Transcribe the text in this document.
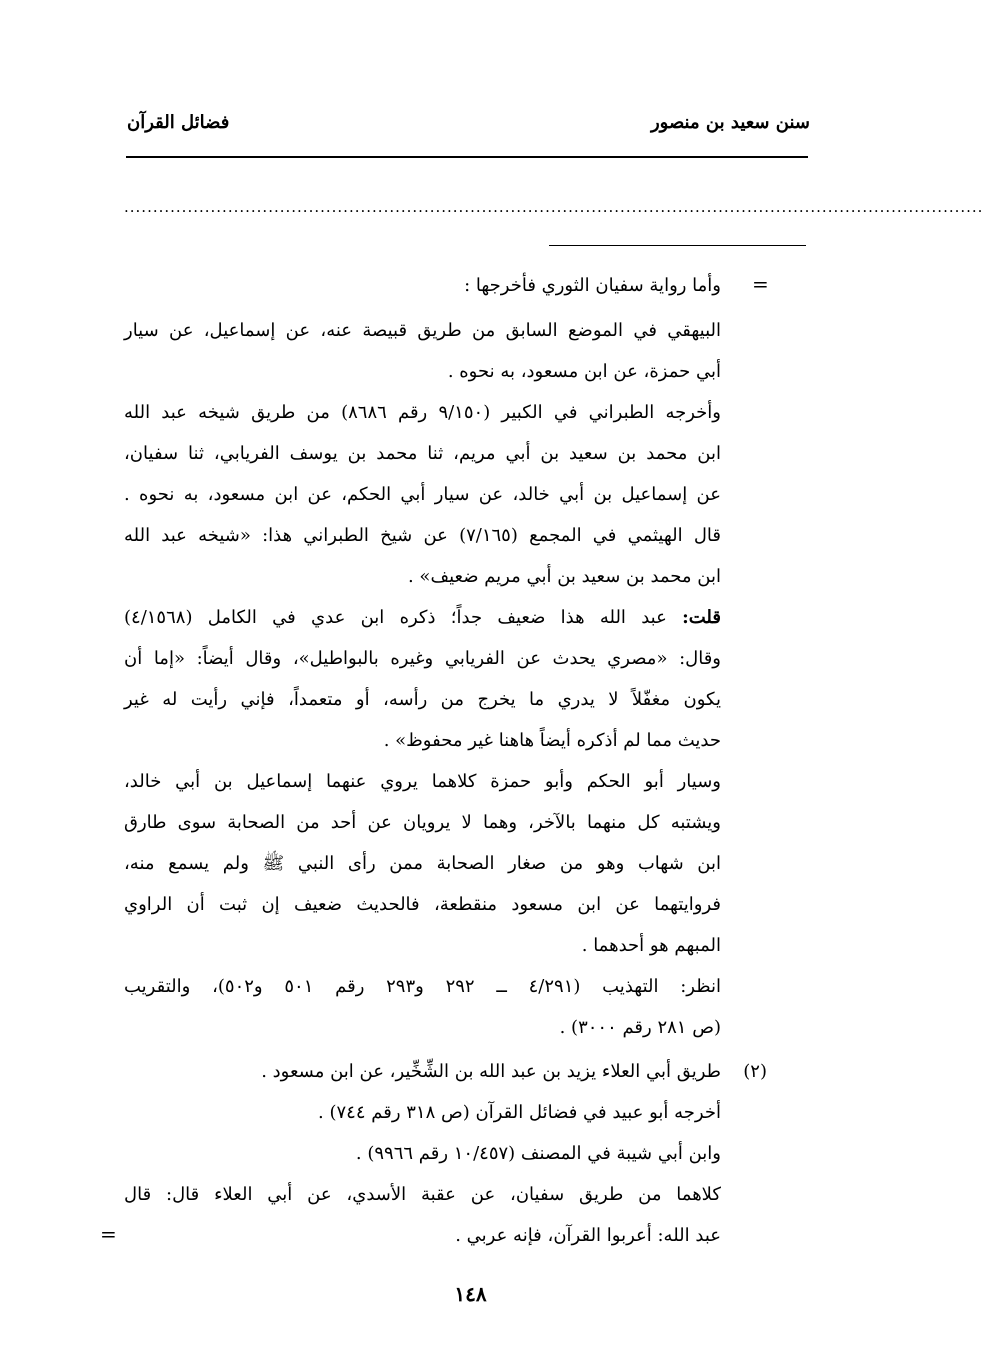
سنن سعيد بن منصور
فضائل القرآن
.....................................................................................................................................................
=
وأما رواية سفيان الثوري فأخرجها :
البيهقي في الموضع السابق من طريق قبيصة عنه، عن إسماعيل، عن سيار
أبي حمزة، عن ابن مسعود، به نحوه .
وأخرجه الطبراني في الكبير (٩/١٥٠ رقم ٨٦٨٦) من طريق شيخه عبد الله
ابن محمد بن سعيد بن أبي مريم، ثنا محمد بن يوسف الفريابي، ثنا سفيان،
عن إسماعيل بن أبي خالد، عن سيار أبي الحكم، عن ابن مسعود، به نحوه .
قال الهيثمي في المجمع (٧/١٦٥) عن شيخ الطبراني هذا: «شيخه عبد الله
ابن محمد بن سعيد بن أبي مريم ضعيف» .
قلت: عبد الله هذا ضعيف جداً؛ ذكره ابن عدي في الكامل (٤/١٥٦٨)
وقال: «مصري يحدث عن الفريابي وغيره بالبواطيل»، وقال أيضاً: «إما أن
يكون مغفّلاً لا يدري ما يخرج من رأسه، أو متعمداً، فإني رأيت له غير
حديث مما لم أذكره أيضاً هاهنا غير محفوظ» .
وسيار أبو الحكم وأبو حمزة كلاهما يروي عنهما إسماعيل بن أبي خالد،
ويشتبه كل منهما بالآخر، وهما لا يرويان عن أحد من الصحابة سوى طارق
ابن شهاب وهو من صغار الصحابة ممن رأى النبي ﷺ ولم يسمع منه،
فروايتهما عن ابن مسعود منقطعة، فالحديث ضعيف إن ثبت أن الراوي
المبهم هو أحدهما .
انظر: التهذيب (٤/٢٩١ ــ ٢٩٢ و٢٩٣ رقم ٥٠١ و٥٠٢)، والتقريب
(ص ٢٨١ رقم ٣٠٠٠) .
(٢)
طريق أبي العلاء يزيد بن عبد الله بن الشِّخِّير، عن ابن مسعود .
أخرجه أبو عبيد في فضائل القرآن (ص ٣١٨ رقم ٧٤٤) .
وابن أبي شيبة في المصنف (١٠/٤٥٧ رقم ٩٩٦٦) .
كلاهما من طريق سفيان، عن عقبة الأسدي، عن أبي العلاء قال: قال
عبد الله: أعربوا القرآن، فإنه عربي .
=
١٤٨
